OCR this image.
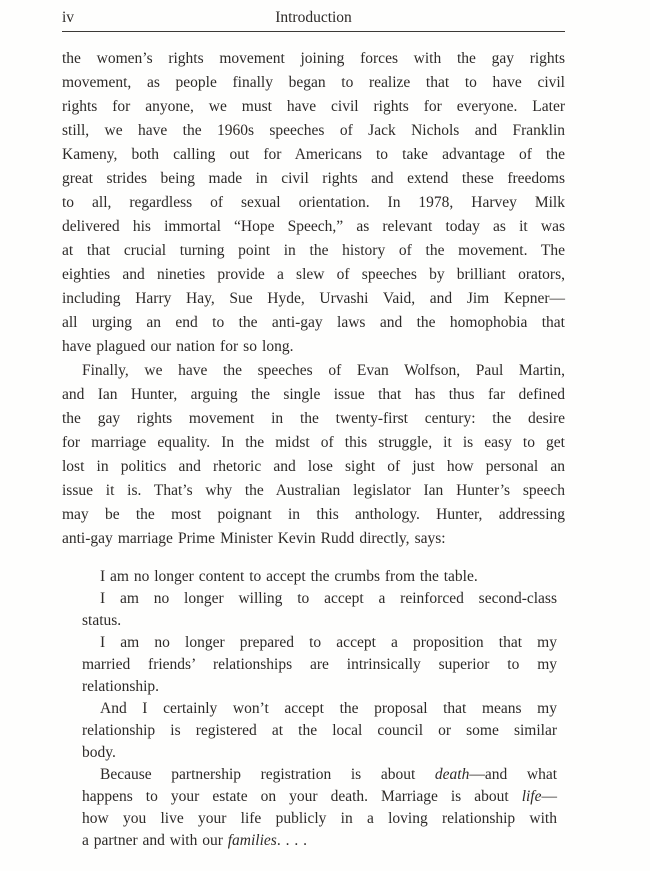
iv	Introduction
the women’s rights movement joining forces with the gay rights
movement, as people finally began to realize that to have civil
rights for anyone, we must have civil rights for everyone. Later
still, we have the 1960s speeches of Jack Nichols and Franklin
Kameny, both calling out for Americans to take advantage of the
great strides being made in civil rights and extend these freedoms
to all, regardless of sexual orientation. In 1978, Harvey Milk
delivered his immortal “Hope Speech,” as relevant today as it was
at that crucial turning point in the history of the movement. The
eighties and nineties provide a slew of speeches by brilliant orators,
including Harry Hay, Sue Hyde, Urvashi Vaid, and Jim Kepner—
all urging an end to the anti-gay laws and the homophobia that
have plagued our nation for so long.
Finally, we have the speeches of Evan Wolfson, Paul Martin,
and Ian Hunter, arguing the single issue that has thus far defined
the gay rights movement in the twenty-first century: the desire
for marriage equality. In the midst of this struggle, it is easy to get
lost in politics and rhetoric and lose sight of just how personal an
issue it is. That’s why the Australian legislator Ian Hunter’s speech
may be the most poignant in this anthology. Hunter, addressing
anti-gay marriage Prime Minister Kevin Rudd directly, says:
I am no longer content to accept the crumbs from the table.
I am no longer willing to accept a reinforced second-class
status.
I am no longer prepared to accept a proposition that my
married friends’ relationships are intrinsically superior to my
relationship.
And I certainly won’t accept the proposal that means my
relationship is registered at the local council or some similar
body.
Because partnership registration is about death—and what
happens to your estate on your death. Marriage is about life—
how you live your life publicly in a loving relationship with
a partner and with our families. . . .
